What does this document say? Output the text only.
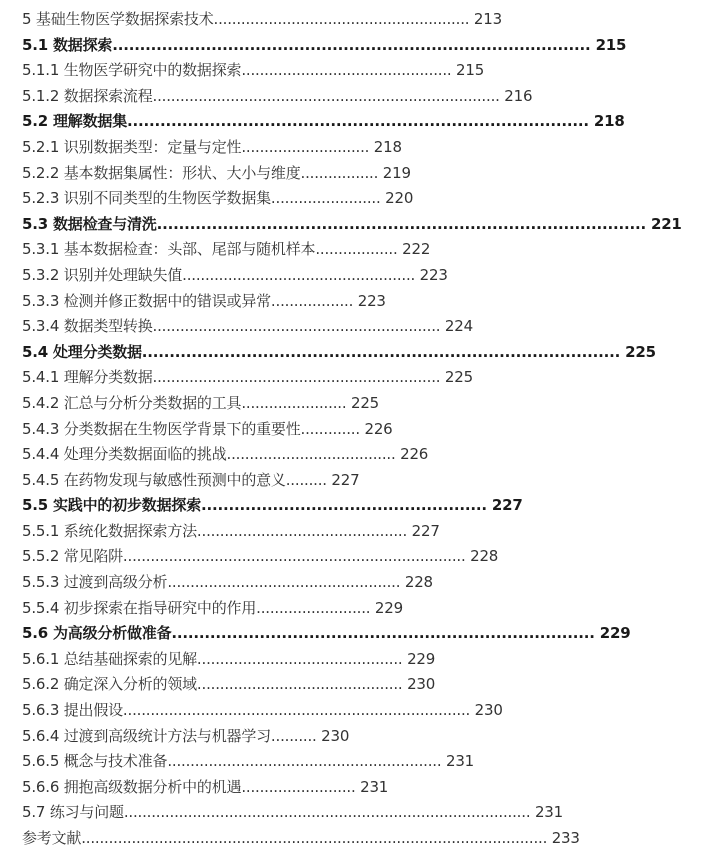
5 基础生物医学数据探索技术........................................................ 213
5.1 数据探索....................................................................................... 215
5.1.1 生物医学研究中的数据探索.............................................. 215
5.1.2 数据探索流程............................................................................ 216
5.2 理解数据集.................................................................................... 218
5.2.1 识别数据类型：定量与定性............................ 218
5.2.2 基本数据集属性：形状、大小与维度................. 219
5.2.3 识别不同类型的生物医学数据集........................ 220
5.3 数据检查与清洗......................................................................................... 221
5.3.1 基本数据检查：头部、尾部与随机样本.................. 222
5.3.2 识别并处理缺失值................................................... 223
5.3.3 检测并修正数据中的错误或异常.................. 223
5.3.4 数据类型转换............................................................... 224
5.4 处理分类数据....................................................................................... 225
5.4.1 理解分类数据............................................................... 225
5.4.2 汇总与分析分类数据的工具....................... 225
5.4.3 分类数据在生物医学背景下的重要性............. 226
5.4.4 处理分类数据面临的挑战..................................... 226
5.4.5 在药物发现与敏感性预测中的意义......... 227
5.5 实践中的初步数据探索.................................................... 227
5.5.1 系统化数据探索方法.............................................. 227
5.5.2 常见陷阱........................................................................... 228
5.5.3 过渡到高级分析................................................... 228
5.5.4 初步探索在指导研究中的作用......................... 229
5.6 为高级分析做准备............................................................................. 229
5.6.1 总结基础探索的见解............................................. 229
5.6.2 确定深入分析的领域............................................. 230
5.6.3 提出假设............................................................................ 230
5.6.4 过渡到高级统计方法与机器学习.......... 230
5.6.5 概念与技术准备............................................................ 231
5.6.6 拥抱高级数据分析中的机遇......................... 231
5.7 练习与问题......................................................................................... 231
参考文献...................................................................................................... 233
